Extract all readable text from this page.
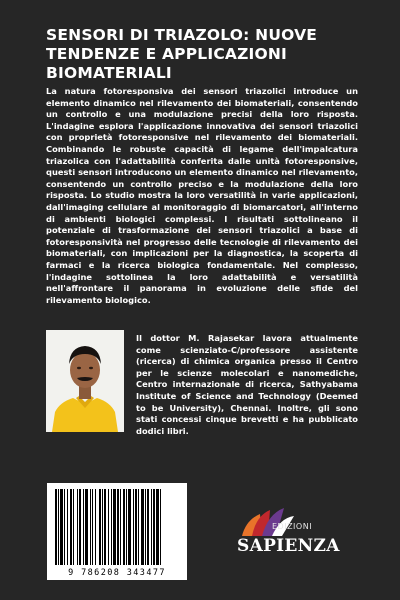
SENSORI DI TRIAZOLO: NUOVE TENDENZE E APPLICAZIONI BIOMATERIALI

La natura fotoresponsiva dei sensori triazolici introduce un elemento dinamico nel rilevamento dei biomateriali, consentendo un controllo e una modulazione precisi della loro risposta. L'indagine esplora l'applicazione innovativa dei sensori triazolici con proprietà fotoresponsive nel rilevamento dei biomateriali. Combinando le robuste capacità di legame dell'impalcatura triazolica con l'adattabilità conferita dalle unità fotoresponsive, questi sensori introducono un elemento dinamico nel rilevamento, consentendo un controllo preciso e la modulazione della loro risposta. Lo studio mostra la loro versatilità in varie applicazioni, dall'imaging cellulare al monitoraggio di biomarcatori, all'interno di ambienti biologici complessi. I risultati sottolineano il potenziale di trasformazione dei sensori triazolici a base di fotoresponsività nel progresso delle tecnologie di rilevamento dei biomateriali, con implicazioni per la diagnostica, la scoperta di farmaci e la ricerca biologica fondamentale. Nel complesso, l'indagine sottolinea la loro adattabilità e versatilità nell'affrontare il panorama in evoluzione delle sfide del rilevamento biologico.

Il dottor M. Rajasekar lavora attualmente come scienziato-C/professore assistente (ricerca) di chimica organica presso il Centro per le scienze molecolari e nanomediche, Centro internazionale di ricerca, Sathyabama Institute of Science and Technology (Deemed to be University), Chennai. Inoltre, gli sono stati concessi cinque brevetti e ha pubblicato dodici libri.

9 786208 343477
EDIZIONI
SAPIENZA
